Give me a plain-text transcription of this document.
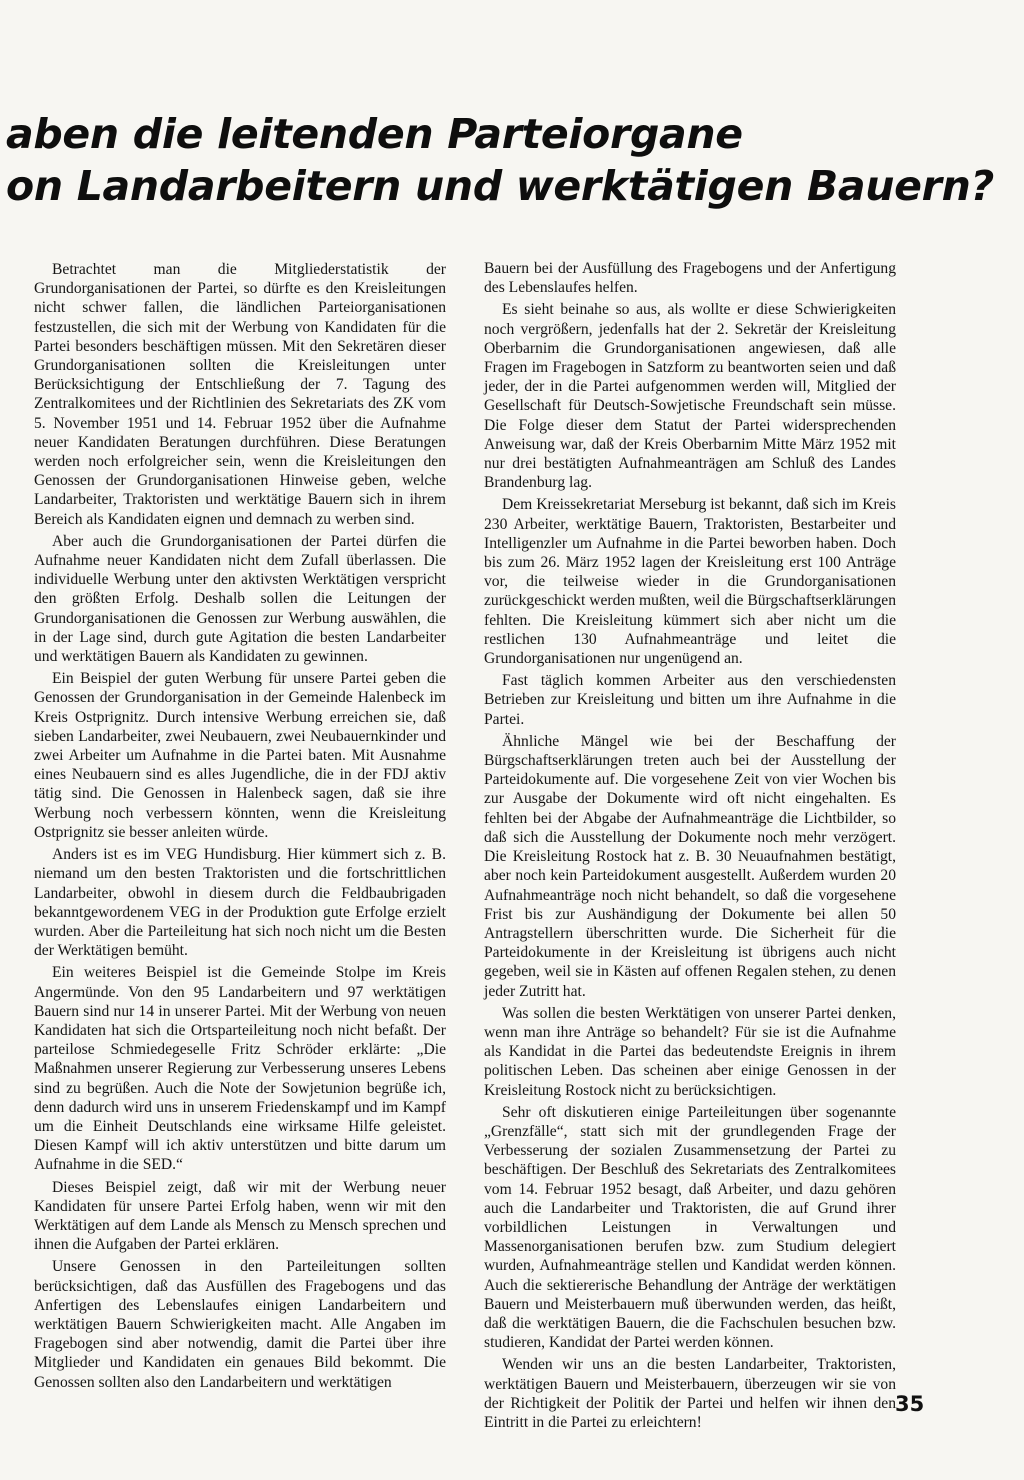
aben die leitenden Parteiorgane
on Landarbeitern und werktätigen Bauern?

Betrachtet man die Mitgliederstatistik der Grundorganisationen der Partei, so dürfte es den Kreisleitungen nicht schwer fallen, die ländlichen Parteiorganisationen festzustellen, die sich mit der Werbung von Kandidaten für die Partei besonders beschäftigen müssen. Mit den Sekretären dieser Grundorganisationen sollten die Kreisleitungen unter Berücksichtigung der Entschließung der 7. Tagung des Zentralkomitees und der Richtlinien des Sekretariats des ZK vom 5. November 1951 und 14. Februar 1952 über die Aufnahme neuer Kandidaten Beratungen durchführen. Diese Beratungen werden noch erfolgreicher sein, wenn die Kreisleitungen den Genossen der Grundorganisationen Hinweise geben, welche Landarbeiter, Traktoristen und werktätige Bauern sich in ihrem Bereich als Kandidaten eignen und demnach zu werben sind.

Aber auch die Grundorganisationen der Partei dürfen die Aufnahme neuer Kandidaten nicht dem Zufall überlassen. Die individuelle Werbung unter den aktivsten Werktätigen verspricht den größten Erfolg. Deshalb sollen die Leitungen der Grundorganisationen die Genossen zur Werbung auswählen, die in der Lage sind, durch gute Agitation die besten Landarbeiter und werktätigen Bauern als Kandidaten zu gewinnen.

Ein Beispiel der guten Werbung für unsere Partei geben die Genossen der Grundorganisation in der Gemeinde Halenbeck im Kreis Ostprignitz. Durch intensive Werbung erreichen sie, daß sieben Landarbeiter, zwei Neubauern, zwei Neubauernkinder und zwei Arbeiter um Aufnahme in die Partei baten. Mit Ausnahme eines Neubauern sind es alles Jugendliche, die in der FDJ aktiv tätig sind. Die Genossen in Halenbeck sagen, daß sie ihre Werbung noch verbessern könnten, wenn die Kreisleitung Ostprignitz sie besser anleiten würde.

Anders ist es im VEG Hundisburg. Hier kümmert sich z. B. niemand um den besten Traktoristen und die fortschrittlichen Landarbeiter, obwohl in diesem durch die Feldbaubrigaden bekanntgewordenem VEG in der Produktion gute Erfolge erzielt wurden. Aber die Parteileitung hat sich noch nicht um die Besten der Werktätigen bemüht.

Ein weiteres Beispiel ist die Gemeinde Stolpe im Kreis Angermünde. Von den 95 Landarbeitern und 97 werktätigen Bauern sind nur 14 in unserer Partei. Mit der Werbung von neuen Kandidaten hat sich die Ortsparteileitung noch nicht befaßt. Der parteilose Schmiedegeselle Fritz Schröder erklärte: „Die Maßnahmen unserer Regierung zur Verbesserung unseres Lebens sind zu begrüßen. Auch die Note der Sowjetunion begrüße ich, denn dadurch wird uns in unserem Friedenskampf und im Kampf um die Einheit Deutschlands eine wirksame Hilfe geleistet. Diesen Kampf will ich aktiv unterstützen und bitte darum um Aufnahme in die SED.“

Dieses Beispiel zeigt, daß wir mit der Werbung neuer Kandidaten für unsere Partei Erfolg haben, wenn wir mit den Werktätigen auf dem Lande als Mensch zu Mensch sprechen und ihnen die Aufgaben der Partei erklären.

Unsere Genossen in den Parteileitungen sollten berücksichtigen, daß das Ausfüllen des Fragebogens und das Anfertigen des Lebenslaufes einigen Landarbeitern und werktätigen Bauern Schwierigkeiten macht. Alle Angaben im Fragebogen sind aber notwendig, damit die Partei über ihre Mitglieder und Kandidaten ein genaues Bild bekommt. Die Genossen sollten also den Landarbeitern und werktätigen

Bauern bei der Ausfüllung des Fragebogens und der Anfertigung des Lebenslaufes helfen.

Es sieht beinahe so aus, als wollte er diese Schwierigkeiten noch vergrößern, jedenfalls hat der 2. Sekretär der Kreisleitung Oberbarnim die Grundorganisationen angewiesen, daß alle Fragen im Fragebogen in Satzform zu beantworten seien und daß jeder, der in die Partei aufgenommen werden will, Mitglied der Gesellschaft für Deutsch-Sowjetische Freundschaft sein müsse. Die Folge dieser dem Statut der Partei widersprechenden Anweisung war, daß der Kreis Oberbarnim Mitte März 1952 mit nur drei bestätigten Aufnahmeanträgen am Schluß des Landes Brandenburg lag.

Dem Kreissekretariat Merseburg ist bekannt, daß sich im Kreis 230 Arbeiter, werktätige Bauern, Traktoristen, Bestarbeiter und Intelligenzler um Aufnahme in die Partei beworben haben. Doch bis zum 26. März 1952 lagen der Kreisleitung erst 100 Anträge vor, die teilweise wieder in die Grundorganisationen zurückgeschickt werden mußten, weil die Bürgschaftserklärungen fehlten. Die Kreisleitung kümmert sich aber nicht um die restlichen 130 Aufnahmeanträge und leitet die Grundorganisationen nur ungenügend an.

Fast täglich kommen Arbeiter aus den verschiedensten Betrieben zur Kreisleitung und bitten um ihre Aufnahme in die Partei.

Ähnliche Mängel wie bei der Beschaffung der Bürgschaftserklärungen treten auch bei der Ausstellung der Parteidokumente auf. Die vorgesehene Zeit von vier Wochen bis zur Ausgabe der Dokumente wird oft nicht eingehalten. Es fehlten bei der Abgabe der Aufnahmeanträge die Lichtbilder, so daß sich die Ausstellung der Dokumente noch mehr verzögert. Die Kreisleitung Rostock hat z. B. 30 Neuaufnahmen bestätigt, aber noch kein Parteidokument ausgestellt. Außerdem wurden 20 Aufnahmeanträge noch nicht behandelt, so daß die vorgesehene Frist bis zur Aushändigung der Dokumente bei allen 50 Antragstellern überschritten wurde. Die Sicherheit für die Parteidokumente in der Kreisleitung ist übrigens auch nicht gegeben, weil sie in Kästen auf offenen Regalen stehen, zu denen jeder Zutritt hat.

Was sollen die besten Werktätigen von unserer Partei denken, wenn man ihre Anträge so behandelt? Für sie ist die Aufnahme als Kandidat in die Partei das bedeutendste Ereignis in ihrem politischen Leben. Das scheinen aber einige Genossen in der Kreisleitung Rostock nicht zu berücksichtigen.

Sehr oft diskutieren einige Parteileitungen über sogenannte „Grenzfälle“, statt sich mit der grundlegenden Frage der Verbesserung der sozialen Zusammensetzung der Partei zu beschäftigen. Der Beschluß des Sekretariats des Zentralkomitees vom 14. Februar 1952 besagt, daß Arbeiter, und dazu gehören auch die Landarbeiter und Traktoristen, die auf Grund ihrer vorbildlichen Leistungen in Verwaltungen und Massenorganisationen berufen bzw. zum Studium delegiert wurden, Aufnahmeanträge stellen und Kandidat werden können. Auch die sektiererische Behandlung der Anträge der werktätigen Bauern und Meisterbauern muß überwunden werden, das heißt, daß die werktätigen Bauern, die die Fachschulen besuchen bzw. studieren, Kandidat der Partei werden können.

Wenden wir uns an die besten Landarbeiter, Traktoristen, werktätigen Bauern und Meisterbauern, überzeugen wir sie von der Richtigkeit der Politik der Partei und helfen wir ihnen den Eintritt in die Partei zu erleichtern!

35
